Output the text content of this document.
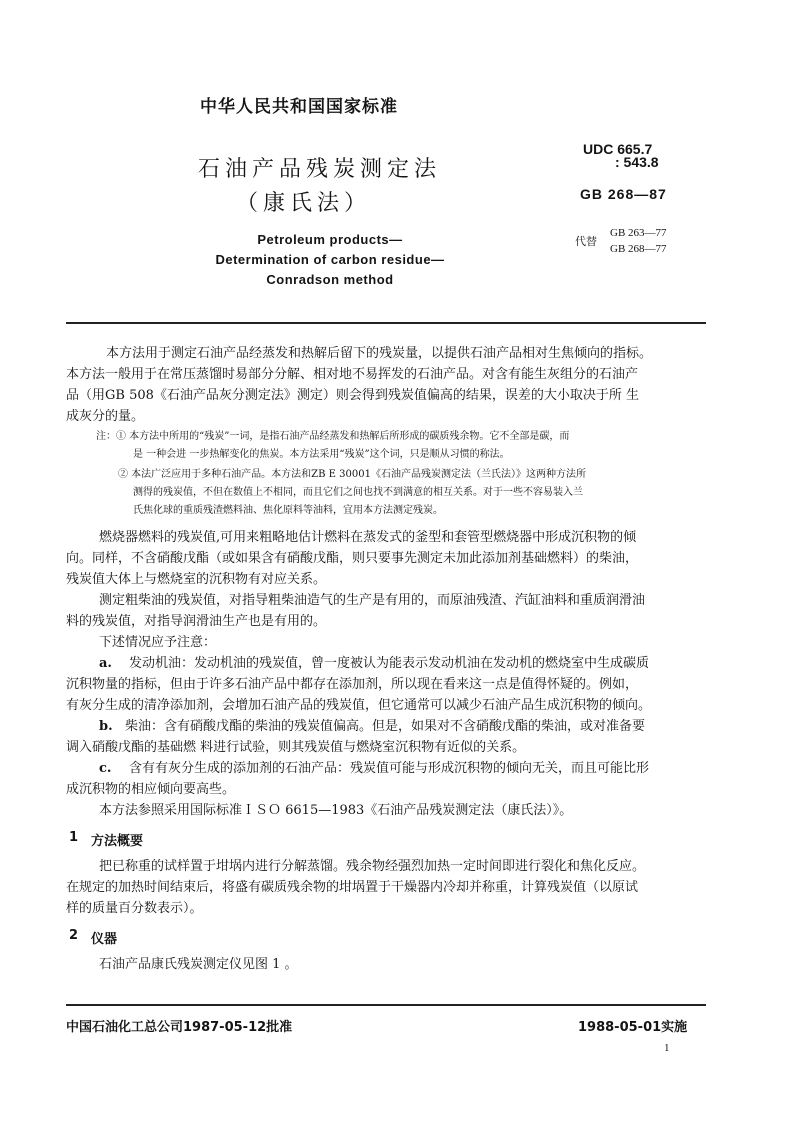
中华人民共和国国家标准
石油产品残炭测定法
（康氏法）
UDC 665.7
: 543.8
GB 268—87
Petroleum products—
Determination of carbon residue—
Conradson method
代替
GB 263—77
GB 268—77
本方法用于测定石油产品经蒸发和热解后留下的残炭量，以提供石油产品相对生焦倾向的指标。
本方法一般用于在常压蒸馏时易部分分解、相对地不易挥发的石油产品。对含有能生灰组分的石油产
品（用GB 508《石油产品灰分测定法》测定）则会得到残炭值偏高的结果，误差的大小取决于所 生
成灰分的量。
注：① 本方法中所用的“残炭”一词，是指石油产品经蒸发和热解后所形成的碳质残余物。它不全部是碳，而
是 一种会进 一步热解变化的焦炭。本方法采用“残炭”这个词，只是顺从习惯的称法。
② 本法广泛应用于多种石油产品。本方法和ZB E 30001《石油产品残炭测定法（兰氏法）》这两种方法所
测得的残炭值，不但在数值上不相同，而且它们之间也找不到满意的相互关系。对于一些不容易装入兰
氏焦化球的重质残渣燃料油、焦化原料等油料，宜用本方法测定残炭。
燃烧器燃料的残炭值,可用来粗略地估计燃料在蒸发式的釜型和套管型燃烧器中形成沉积物的倾
向。同样，不含硝酸戊酯（或如果含有硝酸戊酯，则只要事先测定未加此添加剂基础燃料）的柴油，
残炭值大体上与燃烧室的沉积物有对应关系。
测定粗柴油的残炭值，对指导粗柴油造气的生产是有用的，而原油残渣、汽缸油料和重质润滑油
料的残炭值，对指导润滑油生产也是有用的。
下述情况应予注意：
a. 发动机油：发动机油的残炭值，曾一度被认为能表示发动机油在发动机的燃烧室中生成碳质
沉积物量的指标，但由于许多石油产品中都存在添加剂，所以现在看来这一点是值得怀疑的。例如，
有灰分生成的清净添加剂，会增加石油产品的残炭值，但它通常可以减少石油产品生成沉积物的倾向。
b. 柴油：含有硝酸戊酯的柴油的残炭值偏高。但是，如果对不含硝酸戊酯的柴油，或对准备要
调入硝酸戊酯的基础燃 料进行试验，则其残炭值与燃烧室沉积物有近似的关系。
c. 含有有灰分生成的添加剂的石油产品：残炭值可能与形成沉积物的倾向无关，而且可能比形
成沉积物的相应倾向要高些。
本方法参照采用国际标准ＩＳＯ 6615—1983《石油产品残炭测定法（康氏法）》。
1 方法概要
把已称重的试样置于坩埚内进行分解蒸馏。残余物经强烈加热一定时间即进行裂化和焦化反应。
在规定的加热时间结束后，将盛有碳质残余物的坩埚置于干燥器内冷却并称重，计算残炭值（以原试
样的质量百分数表示）。
2 仪器
石油产品康氏残炭测定仪见图 1 。
中国石油化工总公司1987-05-12批准	1988-05-01实施
1
